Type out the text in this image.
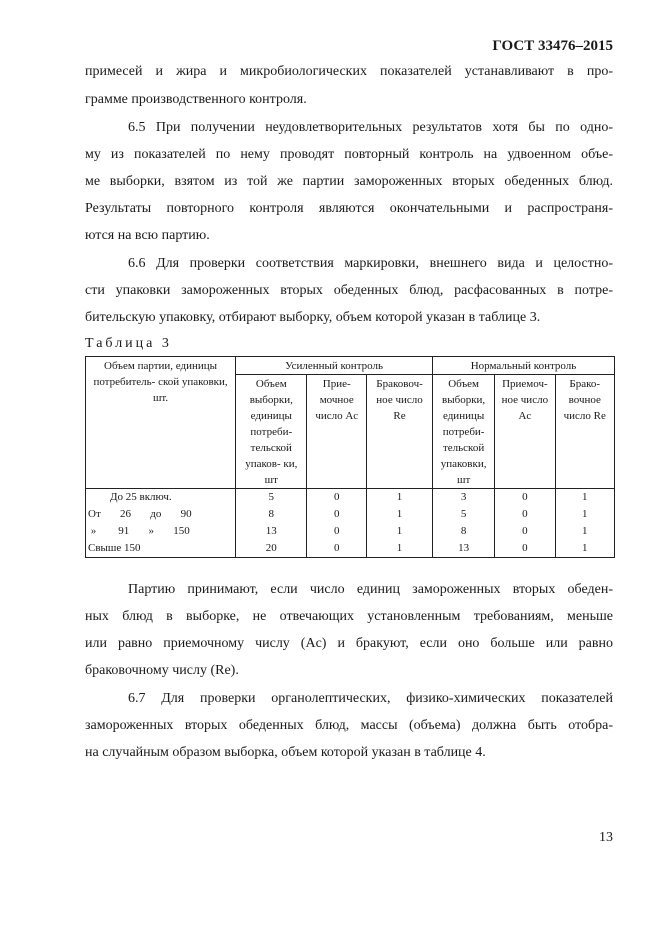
ГОСТ 33476–2015
примесей и жира и микробиологических показателей устанавливают в про-
грамме производственного контроля.
6.5 При получении неудовлетворительных результатов хотя бы по одно-
му из показателей по нему проводят повторный контроль на удвоенном объе-
ме выборки, взятом из той же партии замороженных вторых обеденных блюд.
Результаты повторного контроля являются окончательными и распространя-
ются на всю партию.
6.6 Для проверки соответствия маркировки, внешнего вида и целостно-
сти упаковки замороженных вторых обеденных блюд, расфасованных в потре-
бительскую упаковку, отбирают выборку, объем которой указан в таблице 3.
Таблица 3
Объем партии, единицы потребитель- ской упаковки, шт.	Усиленный контроль			Нормальный контроль		
	Объем выборки, единицы потреби- тельской упаков- ки, шт	Прие- мочное число Ac	Браковоч- ное число Re	Объем выборки, единицы потреби- тельской упаковки, шт	Приемоч- ное число Ac	Брако- вочное число Re
До 25 включ.	5	0	1	3	0	1
От       26       до       90	8	0	1	5	0	1
»        91       »       150	13	0	1	8	0	1
Свыше 150	20	0	1	13	0	1
Партию принимают, если число единиц замороженных вторых обеден-
ных блюд в выборке, не отвечающих установленным требованиям, меньше
или равно приемочному числу (Ac) и бракуют, если оно больше или равно
браковочному числу (Re).
6.7 Для проверки органолептических, физико-химических показателей
замороженных вторых обеденных блюд, массы (объема) должна быть отобра-
на случайным образом выборка, объем которой указан в таблице 4.
13
